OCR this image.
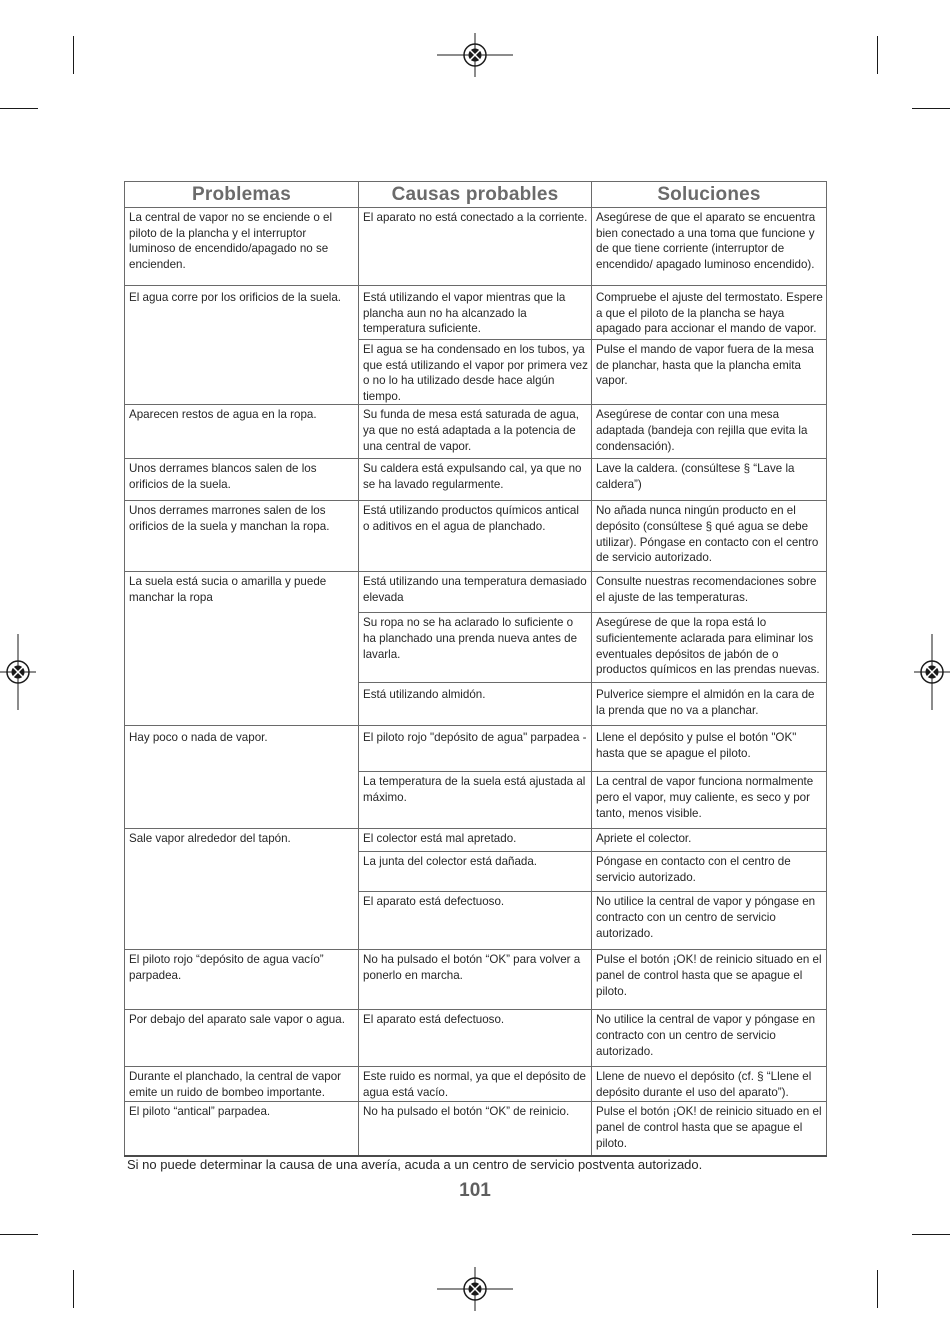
Problemas	Causas probables	Soluciones
La central de vapor no se enciende o el piloto de la plancha y el interruptor luminoso de encendido/apagado no se encienden.	El aparato no está conectado a la corriente.	Asegúrese de que el aparato se encuentra bien conectado a una toma que funcione y de que tiene corriente (interruptor de encendido/ apagado luminoso encendido).
El agua corre por los orificios de la suela.	Está utilizando el vapor mientras que la plancha aun no ha alcanzado la temperatura suficiente.	Compruebe el ajuste del termostato. Espere a que el piloto de la plancha se haya apagado para accionar el mando de vapor.
	El agua se ha condensado en los tubos, ya que está utilizando el vapor por primera vez o no lo ha utilizado desde hace algún tiempo.	Pulse el mando de vapor fuera de la mesa de planchar, hasta que la plancha emita vapor.
Aparecen restos de agua en la ropa.	Su funda de mesa está saturada de agua, ya que no está adaptada a la potencia de una central de vapor.	Asegúrese de contar con una mesa adaptada (bandeja con rejilla que evita la condensación).
Unos derrames blancos salen de los orificios de la suela.	Su caldera está expulsando cal, ya que no se ha lavado regularmente.	Lave la caldera. (consúltese § “Lave la caldera”)
Unos derrames marrones salen de los orificios de la suela y manchan la ropa.	Está utilizando productos químicos antical o aditivos en el agua de planchado.	No añada nunca ningún producto en el depósito (consúltese § qué agua se debe utilizar). Póngase en contacto con el centro de servicio autorizado.
La suela está sucia o amarilla y puede manchar la ropa	Está utilizando una temperatura demasiado elevada	Consulte nuestras recomendaciones sobre el ajuste de las temperaturas.
	Su ropa no se ha aclarado lo suficiente o ha planchado una prenda nueva antes de lavarla.	Asegúrese de que la ropa está lo suficientemente aclarada para eliminar los eventuales depósitos de jabón de o productos químicos en las prendas nuevas.
	Está utilizando almidón.	Pulverice siempre el almidón en la cara de la prenda que no va a planchar.
Hay poco o nada de vapor.	El piloto rojo "depósito de agua" parpadea -	Llene el depósito y pulse el botón "OK" hasta que se apague el piloto.
	La temperatura de la suela está ajustada al máximo.	La central de vapor funciona normalmente pero el vapor, muy caliente, es seco y por tanto, menos visible.
Sale vapor alrededor del tapón.	El colector está mal apretado.	Apriete el colector.
	La junta del colector está dañada.	Póngase en contacto con el centro de servicio autorizado.
	El aparato está defectuoso.	No utilice la central de vapor y póngase en contracto con un centro de servicio autorizado.
El piloto rojo “depósito de agua vacío” parpadea.	No ha pulsado el botón “OK” para volver a ponerlo en marcha.	Pulse el botón ¡OK! de reinicio situado en el panel de control hasta que se apague el piloto.
Por debajo del aparato sale vapor o agua.	El aparato está defectuoso.	No utilice la central de vapor y póngase en contracto con un centro de servicio autorizado.
Durante el planchado, la central de vapor emite un ruido de bombeo importante.	Este ruido es normal, ya que el depósito de agua está vacío.	Llene de nuevo el depósito (cf. § “Llene el depósito durante el uso del aparato”).
El piloto “antical” parpadea.	No ha pulsado el botón “OK” de reinicio.	Pulse el botón ¡OK! de reinicio situado en el panel de control hasta que se apague el piloto.
Si no puede determinar la causa de una avería, acuda a un centro de servicio postventa autorizado.
101
